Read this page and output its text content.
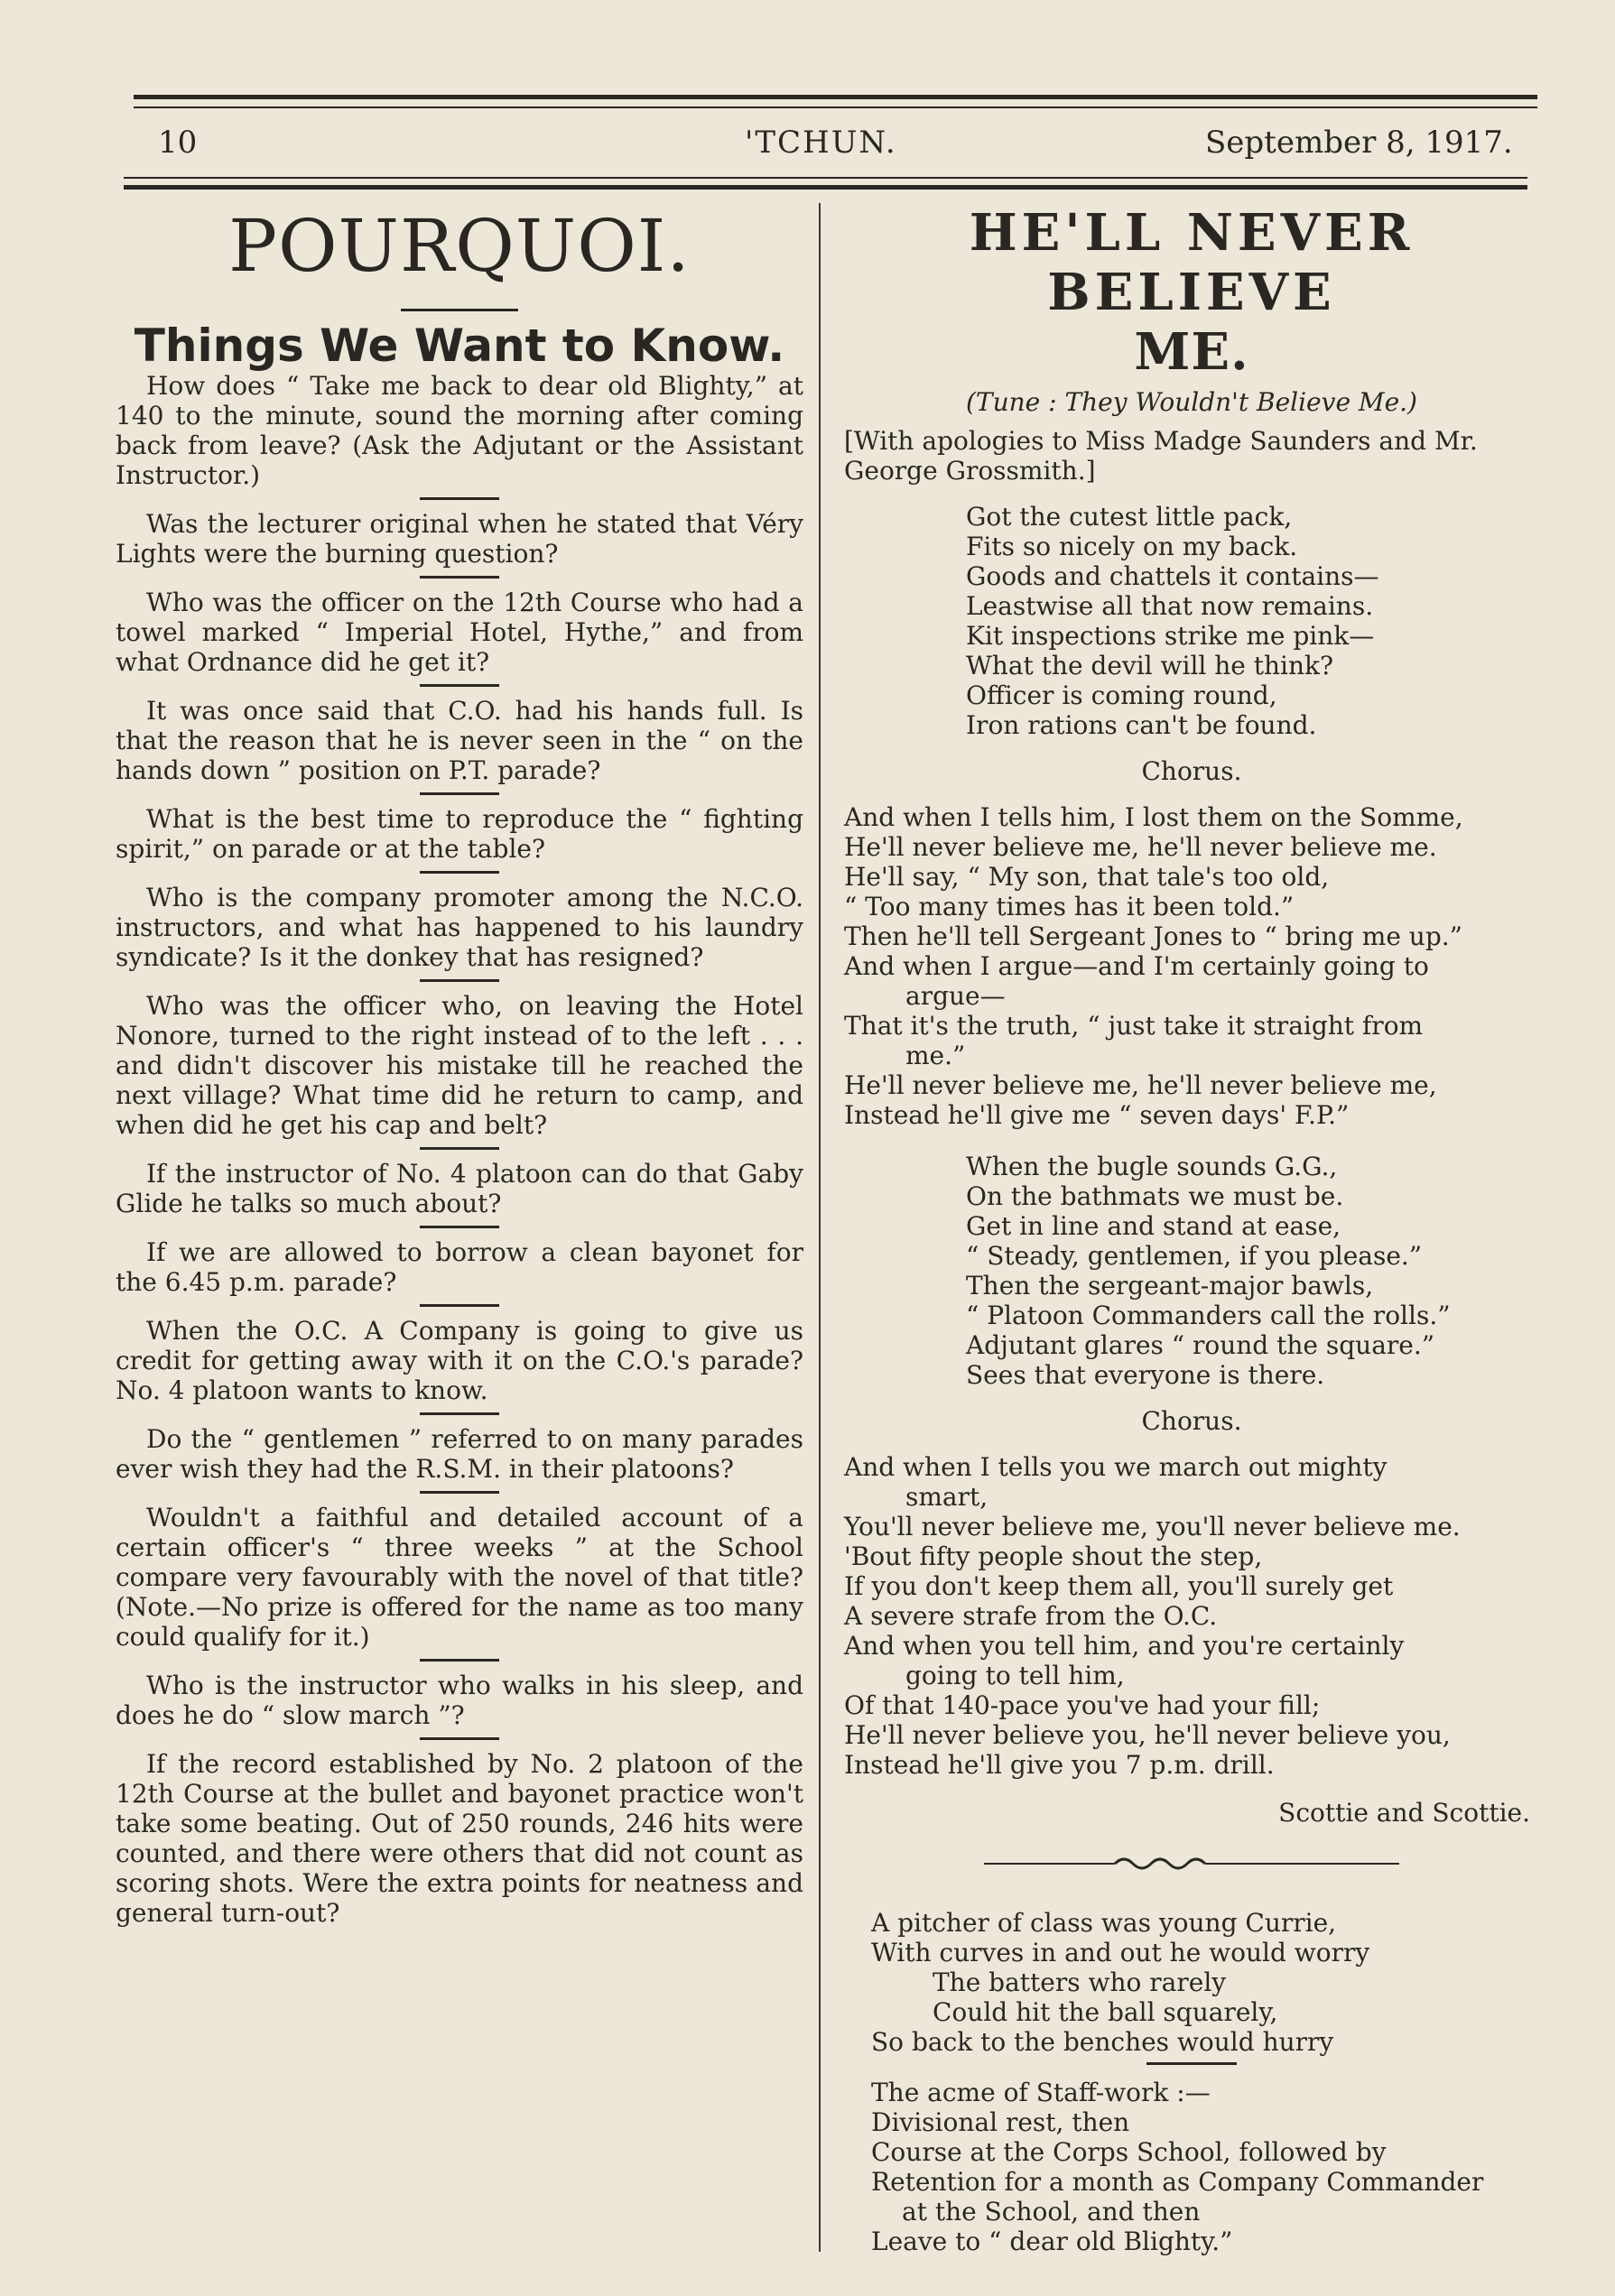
10	'TCHUN.	September 8, 1917.
POURQUOI.
Things We Want to Know.

How does “ Take me back to dear old Blighty,” at 140 to the minute, sound the morning after coming back from leave? (Ask the Adjutant or the Assistant Instructor.)

Was the lecturer original when he stated that Véry Lights were the burning question?

Who was the officer on the 12th Course who had a towel marked “ Imperial Hotel, Hythe,” and from what Ordnance did he get it?

It was once said that C.O. had his hands full. Is that the reason that he is never seen in the “ on the hands down ” position on P.T. parade?

What is the best time to reproduce the “ fighting spirit,” on parade or at the table?

Who is the company promoter among the N.C.O. instructors, and what has happened to his laundry syndicate? Is it the donkey that has resigned?

Who was the officer who, on leaving the Hotel Nonore, turned to the right instead of to the left . . . and didn't discover his mistake till he reached the next village? What time did he return to camp, and when did he get his cap and belt?

If the instructor of No. 4 platoon can do that Gaby Glide he talks so much about?

If we are allowed to borrow a clean bayonet for the 6.45 p.m. parade?

When the O.C. A Company is going to give us credit for getting away with it on the C.O.'s parade? No. 4 platoon wants to know.

Do the “ gentlemen ” referred to on many parades ever wish they had the R.S.M. in their platoons?

Wouldn't a faithful and detailed account of a certain officer's “ three weeks ” at the School compare very favourably with the novel of that title? (Note.—No prize is offered for the name as too many could qualify for it.)

Who is the instructor who walks in his sleep, and does he do “ slow march ”?

If the record established by No. 2 platoon of the 12th Course at the bullet and bayonet practice won't take some beating. Out of 250 rounds, 246 hits were counted, and there were others that did not count as scoring shots. Were the extra points for neatness and general turn-out?

HE'LL NEVER BELIEVE
ME.
(Tune : They Wouldn't Believe Me.)
[With apologies to Miss Madge Saunders and Mr. George Grossmith.]
Got the cutest little pack,
Fits so nicely on my back.
Goods and chattels it contains—
Leastwise all that now remains.
Kit inspections strike me pink—
What the devil will he think?
Officer is coming round,
Iron rations can't be found.
Chorus.
And when I tells him, I lost them on the Somme,
He'll never believe me, he'll never believe me.
He'll say, “ My son, that tale's too old,
“ Too many times has it been told.”
Then he'll tell Sergeant Jones to “ bring me up.”
And when I argue—and I'm certainly going to
argue—
That it's the truth, “ just take it straight from
me.”
He'll never believe me, he'll never believe me,
Instead he'll give me “ seven days' F.P.”
When the bugle sounds G.G.,
On the bathmats we must be.
Get in line and stand at ease,
“ Steady, gentlemen, if you please.”
Then the sergeant-major bawls,
“ Platoon Commanders call the rolls.”
Adjutant glares “ round the square.”
Sees that everyone is there.
Chorus.
And when I tells you we march out mighty
smart,
You'll never believe me, you'll never believe me.
'Bout fifty people shout the step,
If you don't keep them all, you'll surely get
A severe strafe from the O.C.
And when you tell him, and you're certainly
going to tell him,
Of that 140-pace you've had your fill;
He'll never believe you, he'll never believe you,
Instead he'll give you 7 p.m. drill.
Scottie and Scottie.
A pitcher of class was young Currie,
With curves in and out he would worry
The batters who rarely
Could hit the ball squarely,
So back to the benches would hurry
The acme of Staff-work :—
Divisional rest, then
Course at the Corps School, followed by
Retention for a month as Company Commander
at the School, and then
Leave to “ dear old Blighty.”
